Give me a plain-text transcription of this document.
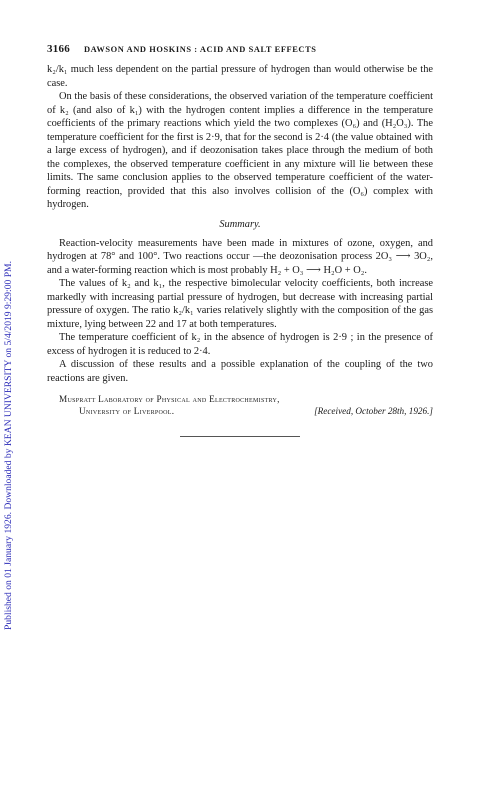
Published on 01 January 1926. Downloaded by KEAN UNIVERSITY on 5/4/2019 9:29:00 PM.
3166 DAWSON AND HOSKINS : ACID AND SALT EFFECTS

k₂/k₁ much less dependent on the partial pressure of hydrogen than would otherwise be the case.

On the basis of these considerations, the observed variation of the temperature coefficient of k₂ (and also of k₁) with the hydrogen content implies a difference in the temperature coefficients of the primary reactions which yield the two complexes (O₆) and (H₂O₃). The temperature coefficient for the first is 2·9, that for the second is 2·4 (the value obtained with a large excess of hydrogen), and if deozonisation takes place through the medium of both the complexes, the observed temperature coefficient in any mixture will lie between these limits. The same conclusion applies to the observed temperature coefficient of the water-forming reaction, provided that this also involves collision of the (O₆) complex with hydrogen.

Summary.

Reaction-velocity measurements have been made in mixtures of ozone, oxygen, and hydrogen at 78° and 100°. Two reactions occur —the deozonisation process 2O₃ ⟶ 3O₂, and a water-forming reaction which is most probably H₂ + O₃ ⟶ H₂O + O₂.

The values of k₂ and k₁, the respective bimolecular velocity coefficients, both increase markedly with increasing partial pressure of hydrogen, but decrease with increasing partial pressure of oxygen. The ratio k₂/k₁ varies relatively slightly with the composition of the gas mixture, lying between 22 and 17 at both temperatures.

The temperature coefficient of k₂ in the absence of hydrogen is 2·9 ; in the presence of excess of hydrogen it is reduced to 2·4.

A discussion of these results and a possible explanation of the coupling of the two reactions are given.

Muspratt Laboratory of Physical and Electrochemistry,
University of Liverpool.	[Received, October 28th, 1926.]
